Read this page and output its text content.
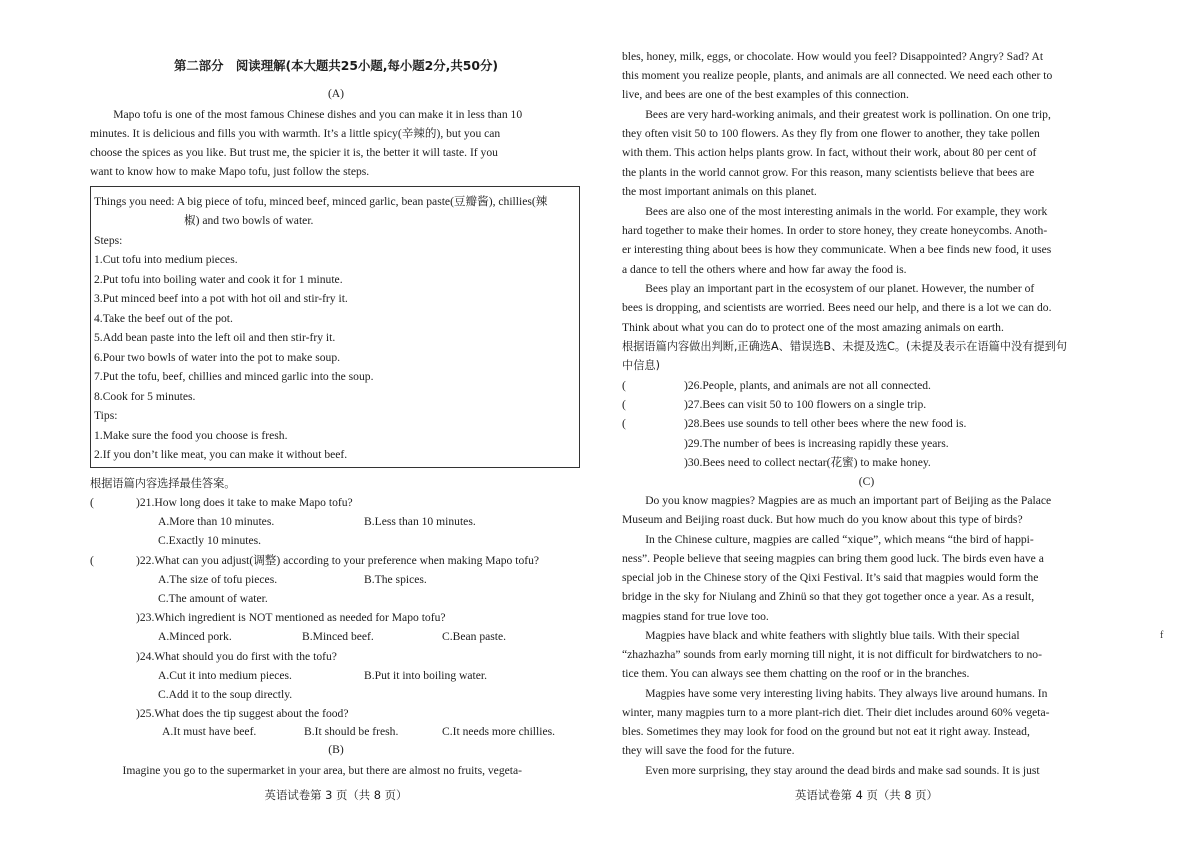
第二部分　阅读理解(本大题共25小题,每小题2分,共50分)
(A)
Mapo tofu is one of the most famous Chinese dishes and you can make it in less than 10
minutes. It is delicious and fills you with warmth. It’s a little spicy(辛辣的), but you can
choose the spices as you like. But trust me, the spicier it is, the better it will taste. If you
want to know how to make Mapo tofu, just follow the steps.
Things you need: A big piece of tofu, minced beef, minced garlic, bean paste(豆瓣酱), chillies(辣
椒) and two bowls of water.
Steps:
1.Cut tofu into medium pieces.
2.Put tofu into boiling water and cook it for 1 minute.
3.Put minced beef into a pot with hot oil and stir-fry it.
4.Take the beef out of the pot.
5.Add bean paste into the left oil and then stir-fry it.
6.Pour two bowls of water into the pot to make soup.
7.Put the tofu, beef, chillies and minced garlic into the soup.
8.Cook for 5 minutes.
Tips:
1.Make sure the food you choose is fresh.
2.If you don’t like meat, you can make it without beef.
根据语篇内容选择最佳答案。
(	)21.How long does it take to make Mapo tofu?
A.More than 10 minutes.	B.Less than 10 minutes.
C.Exactly 10 minutes.
(	)22.What can you adjust(调整) according to your preference when making Mapo tofu?
A.The size of tofu pieces.	B.The spices.
C.The amount of water.
)23.Which ingredient is NOT mentioned as needed for Mapo tofu?
A.Minced pork.	B.Minced beef.	C.Bean paste.
)24.What should you do first with the tofu?
A.Cut it into medium pieces.	B.Put it into boiling water.
C.Add it to the soup directly.
)25.What does the tip suggest about the food?
A.It must have beef.	B.It should be fresh.	C.It needs more chillies.
(B)
Imagine you go to the supermarket in your area, but there are almost no fruits, vegeta-
英语试卷第 3 页（共 8 页）
bles, honey, milk, eggs, or chocolate. How would you feel? Disappointed? Angry? Sad? At
this moment you realize people, plants, and animals are all connected. We need each other to
live, and bees are one of the best examples of this connection.
Bees are very hard-working animals, and their greatest work is pollination. On one trip,
they often visit 50 to 100 flowers. As they fly from one flower to another, they take pollen
with them. This action helps plants grow. In fact, without their work, about 80 per cent of
the plants in the world cannot grow. For this reason, many scientists believe that bees are
the most important animals on this planet.
Bees are also one of the most interesting animals in the world. For example, they work
hard together to make their homes. In order to store honey, they create honeycombs. Anoth-
er interesting thing about bees is how they communicate. When a bee finds new food, it uses
a dance to tell the others where and how far away the food is.
Bees play an important part in the ecosystem of our planet. However, the number of
bees is dropping, and scientists are worried. Bees need our help, and there is a lot we can do.
Think about what you can do to protect one of the most amazing animals on earth.
根据语篇内容做出判断,正确选A、错误选B、未提及选C。(未提及表示在语篇中没有提到句
中信息)
(	)26.People, plants, and animals are not all connected.
(	)27.Bees can visit 50 to 100 flowers on a single trip.
(	)28.Bees use sounds to tell other bees where the new food is.
)29.The number of bees is increasing rapidly these years.
)30.Bees need to collect nectar(花蜜) to make honey.
(C)
Do you know magpies? Magpies are as much an important part of Beijing as the Palace
Museum and Beijing roast duck. But how much do you know about this type of birds?
In the Chinese culture, magpies are called “xique”, which means “the bird of happi-
ness”. People believe that seeing magpies can bring them good luck. The birds even have a
special job in the Chinese story of the Qixi Festival. It’s said that magpies would form the
bridge in the sky for Niulang and Zhinü so that they got together once a year. As a result,
magpies stand for true love too.
Magpies have black and white feathers with slightly blue tails. With their special
“zhazhazha” sounds from early morning till night, it is not difficult for birdwatchers to no-
tice them. You can always see them chatting on the roof or in the branches.
Magpies have some very interesting living habits. They always live around humans. In
winter, many magpies turn to a more plant-rich diet. Their diet includes around 60% vegeta-
bles. Sometimes they may look for food on the ground but not eat it right away. Instead,
they will save the food for the future.
Even more surprising, they stay around the dead birds and make sad sounds. It is just
英语试卷第 4 页（共 8 页）
f
